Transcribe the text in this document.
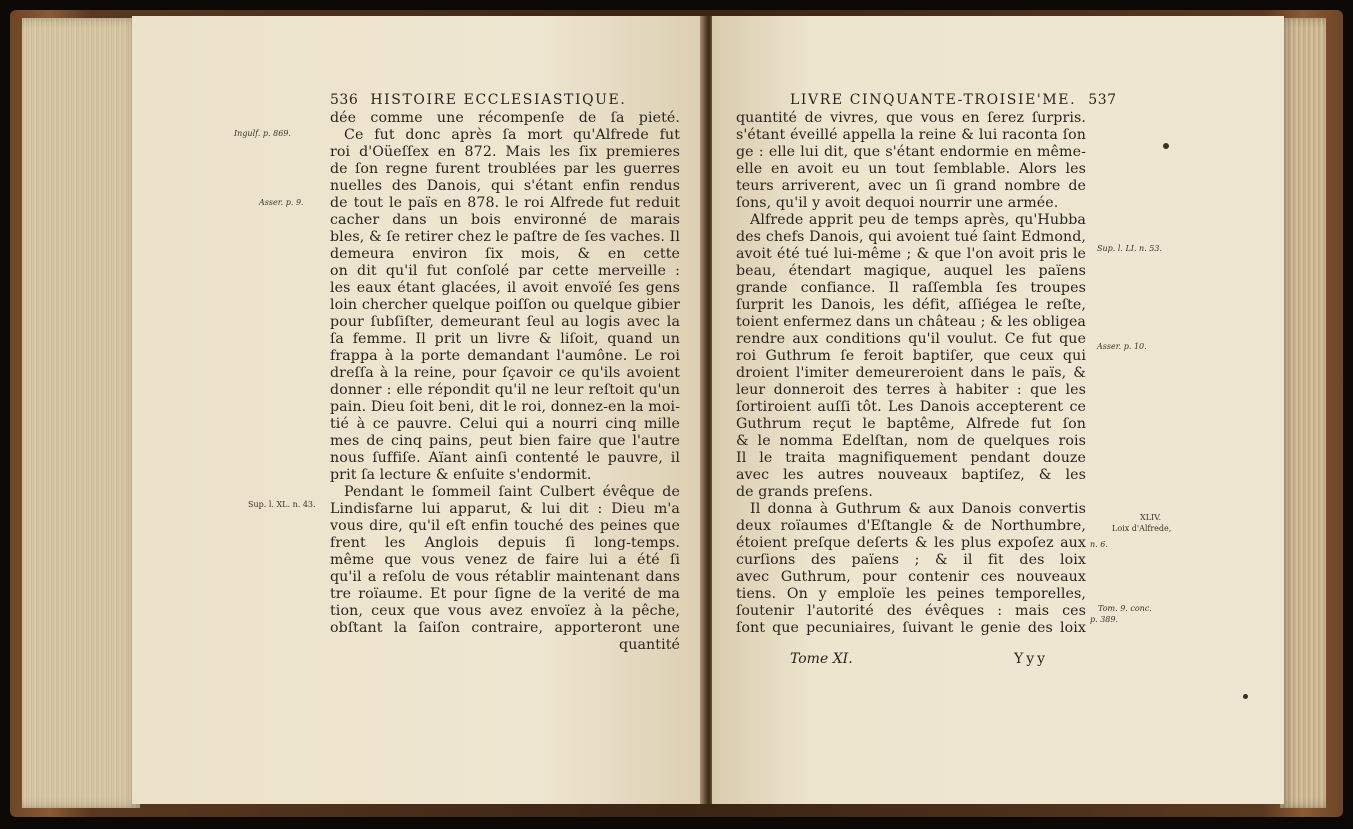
536 HISTOIRE ECCLESIASTIQUE.
Ingulf. p. 869.
Asser. p. 9.
Sup. l. XL. n. 43.
dée comme une récompenſe de ſa pieté.
Ce fut donc après ſa mort qu'Alfrede fut
roi d'Oüeſſex en 872. Mais les ſix premieres
de ſon regne furent troublées par les guerres
nuelles des Danois, qui s'étant enfin rendus
de tout le païs en 878. le roi Alfrede fut reduit
cacher dans un bois environné de marais
bles, & ſe retirer chez le paſtre de ſes vaches. Il
demeura environ ſix mois, & en cette
on dit qu'il fut conſolé par cette merveille :
les eaux étant glacées, il avoit envoïé ſes gens
loin chercher quelque poiſſon ou quelque gibier
pour ſubſiſter, demeurant ſeul au logis avec la
ſa femme. Il prit un livre & liſoit, quand un
frappa à la porte demandant l'aumône. Le roi
dreſſa à la reine, pour ſçavoir ce qu'ils avoient
donner : elle répondit qu'il ne leur reſtoit qu'un
pain. Dieu ſoit beni, dit le roi, donnez-en la moi-
tié à ce pauvre. Celui qui a nourri cinq mille
mes de cinq pains, peut bien faire que l'autre
nous ſuffiſe. Aïant ainſi contenté le pauvre, il
prit ſa lecture & enſuite s'endormit.
Pendant le ſommeil ſaint Culbert évêque de
Lindisfarne lui apparut, & lui dit : Dieu m'a
vous dire, qu'il eſt enfin touché des peines que
frent les Anglois depuis ſi long-temps.
même que vous venez de faire lui a été ſi
qu'il a reſolu de vous rétablir maintenant dans
tre roïaume. Et pour ſigne de la verité de ma
tion, ceux que vous avez envoïez à la pêche,
obſtant la ſaiſon contraire, apporteront une
quantité
LIVRE CINQUANTE-TROISIE'ME. 537
quantité de vivres, que vous en ſerez ſurpris.
s'étant éveillé appella la reine & lui raconta ſon
ge : elle lui dit, que s'étant endormie en même-
elle en avoit eu un tout ſemblable. Alors les
teurs arriverent, avec un ſi grand nombre de
ſons, qu'il y avoit dequoi nourrir une armée.
Alfrede apprit peu de temps après, qu'Hubba
des chefs Danois, qui avoient tué ſaint Edmond,
avoit été tué lui-même ; & que l'on avoit pris le
beau, étendart magique, auquel les païens
grande confiance. Il raſſembla ſes troupes
ſurprit les Danois, les défit, aſſiégea le reſte,
toient enfermez dans un château ; & les obligea
rendre aux conditions qu'il voulut. Ce fut que
roi Guthrum ſe feroit baptiſer, que ceux qui
droient l'imiter demeureroient dans le païs, &
leur donneroit des terres à habiter : que les
ſortiroient auſſi tôt. Les Danois accepterent ce
Guthrum reçut le baptême, Alfrede fut ſon
& le nomma Edelſtan, nom de quelques rois
Il le traita magnifiquement pendant douze
avec les autres nouveaux baptiſez, & les
de grands preſens.
Il donna à Guthrum & aux Danois convertis
deux roïaumes d'Eſtangle & de Northumbre,
étoient preſque deſerts & les plus expoſez aux
curſions des païens ; & il fit des loix
avec Guthrum, pour contenir ces nouveaux
tiens. On y emploïe les peines temporelles,
ſoutenir l'autorité des évêques : mais ces
ſont que pecuniaires, ſuivant le genie des loix
Tome XI.	Yyy
Sup. l. LI. n. 53.
Asser. p. 10.
XLIV.
Loix d'Alfrede,
n. 6.
Tom. 9. conc.
p. 389.
